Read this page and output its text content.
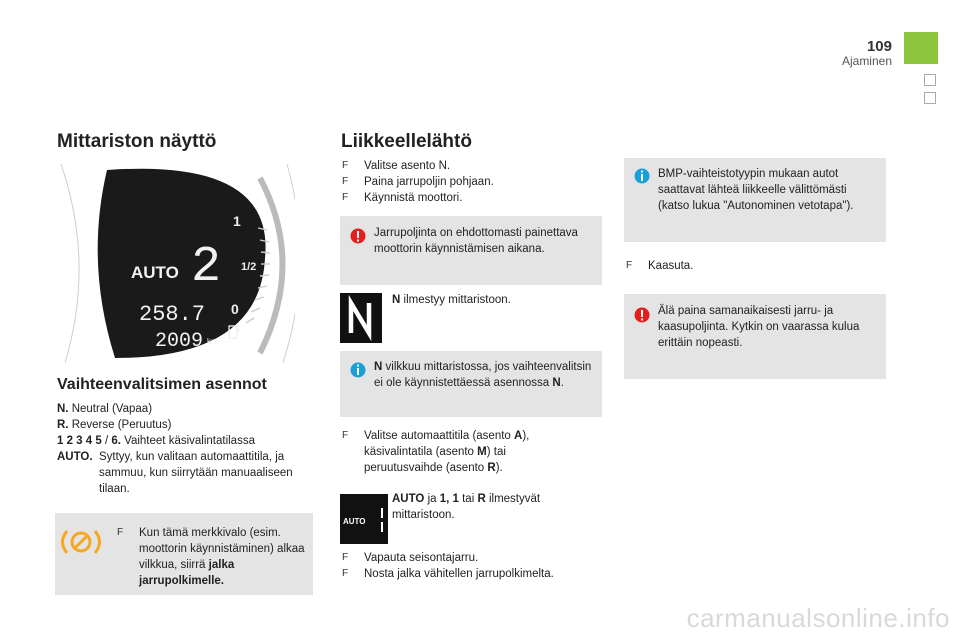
109
Ajaminen
Mittariston näyttö
1
1/2
0
AUTO 2
258.7
2009 km
Vaihteenvalitsimen asennot
N. Neutral (Vapaa)
R. Reverse (Peruutus)
1 2 3 4 5 / 6. Vaihteet käsivalintatilassa
AUTO. Syttyy, kun valitaan automaattitila, ja sammuu, kun siirrytään manuaaliseen tilaan.
F	Kun tämä merkkivalo (esim. moottorin käynnistäminen) alkaa vilkkua, siirrä jalka jarrupolkimelle.
Liikkeellelähtö
F	Valitse asento N.
F	Paina jarrupoljin pohjaan.
F	Käynnistä moottori.
Jarrupoljinta on ehdottomasti painettava moottorin käynnistämisen aikana.
N ilmestyy mittaristoon.
N vilkkuu mittaristossa, jos vaihteenvalitsin ei ole käynnistettäessä asennossa N.
F	Valitse automaattitila (asento A),
käsivalintatila (asento M) tai
peruutusvaihde (asento R).
AUTO
AUTO ja 1, 1 tai R ilmestyvät mittaristoon.
F	Vapauta seisontajarru.
F	Nosta jalka vähitellen jarrupolkimelta.
BMP-vaihteistotyypin mukaan autot saattavat lähteä liikkeelle välittömästi (katso lukua "Autonominen vetotapa").
F	Kaasuta.
Älä paina samanaikaisesti jarru- ja kaasupoljinta. Kytkin on vaarassa kulua erittäin nopeasti.
carmanualsonline.info
